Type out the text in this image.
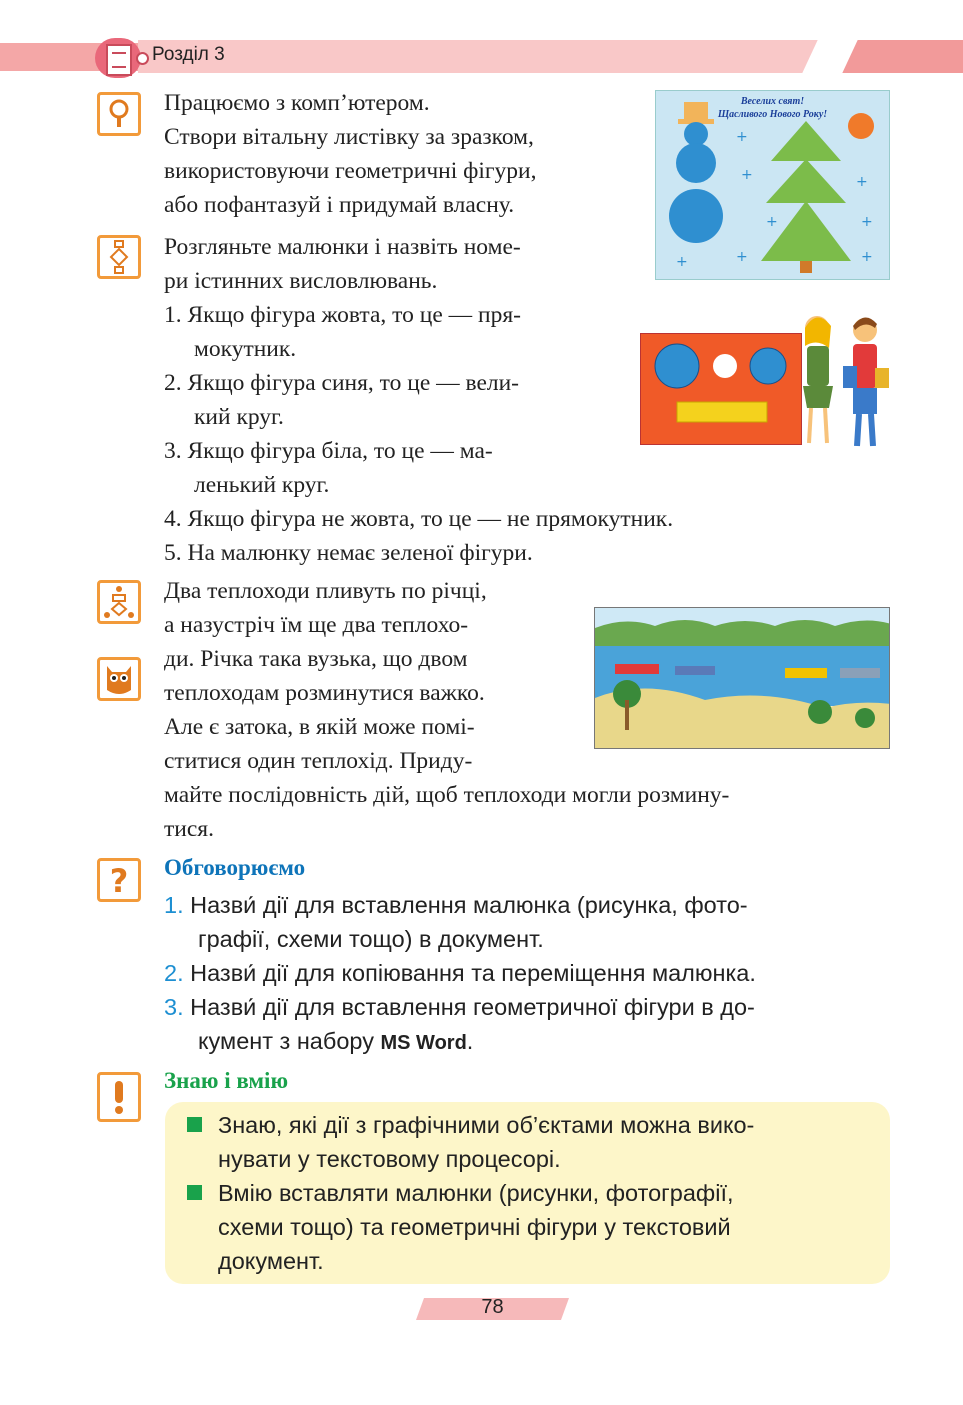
Розділ 3
?
Працюємо з комп’ютером.
Створи вітальну листівку за зразком,
використовуючи геометричні фігури,
або пофантазуй і придумай власну.
Веселих свят!
Щасливого Нового Року!
+
+	+
+	+
+	+	+
Розгляньте малюнки і назвіть номе-
ри істинних висловлювань.
1. Якщо фігура жовта, то це — пря-
мокутник.
2. Якщо фігура синя, то це — вели-
кий круг.
3. Якщо фігура біла, то це — ма-
ленький круг.
4. Якщо фігура не жовта, то це — не прямокутник.
5. На малюнку немає зеленої фігури.
Два теплоходи пливуть по річці,
а назустріч їм ще два теплохо-
ди. Річка така вузька, що двом
теплоходам розминутися важко.
Але є затока, в якій може помі-
ститися один теплохід. Приду-
майте послідовність дій, щоб теплоходи могли розмину-
тися.
Обговорюємо
1. Назви́ дії для вставлення малюнка (рисунка, фото-
графії, схеми тощо) в документ.
2. Назви́ дії для копіювання та переміщення малюнка.
3. Назви́ дії для вставлення геометричної фігури в до-
кумент з набору MS Word.
Знаю і вмію
Знаю, які дії з графічними об’єктами можна вико-
нувати у текстовому процесорі.
Вмію вставляти малюнки (рисунки, фотографії,
схеми тощо) та геометричні фігури у текстовий
документ.
78
